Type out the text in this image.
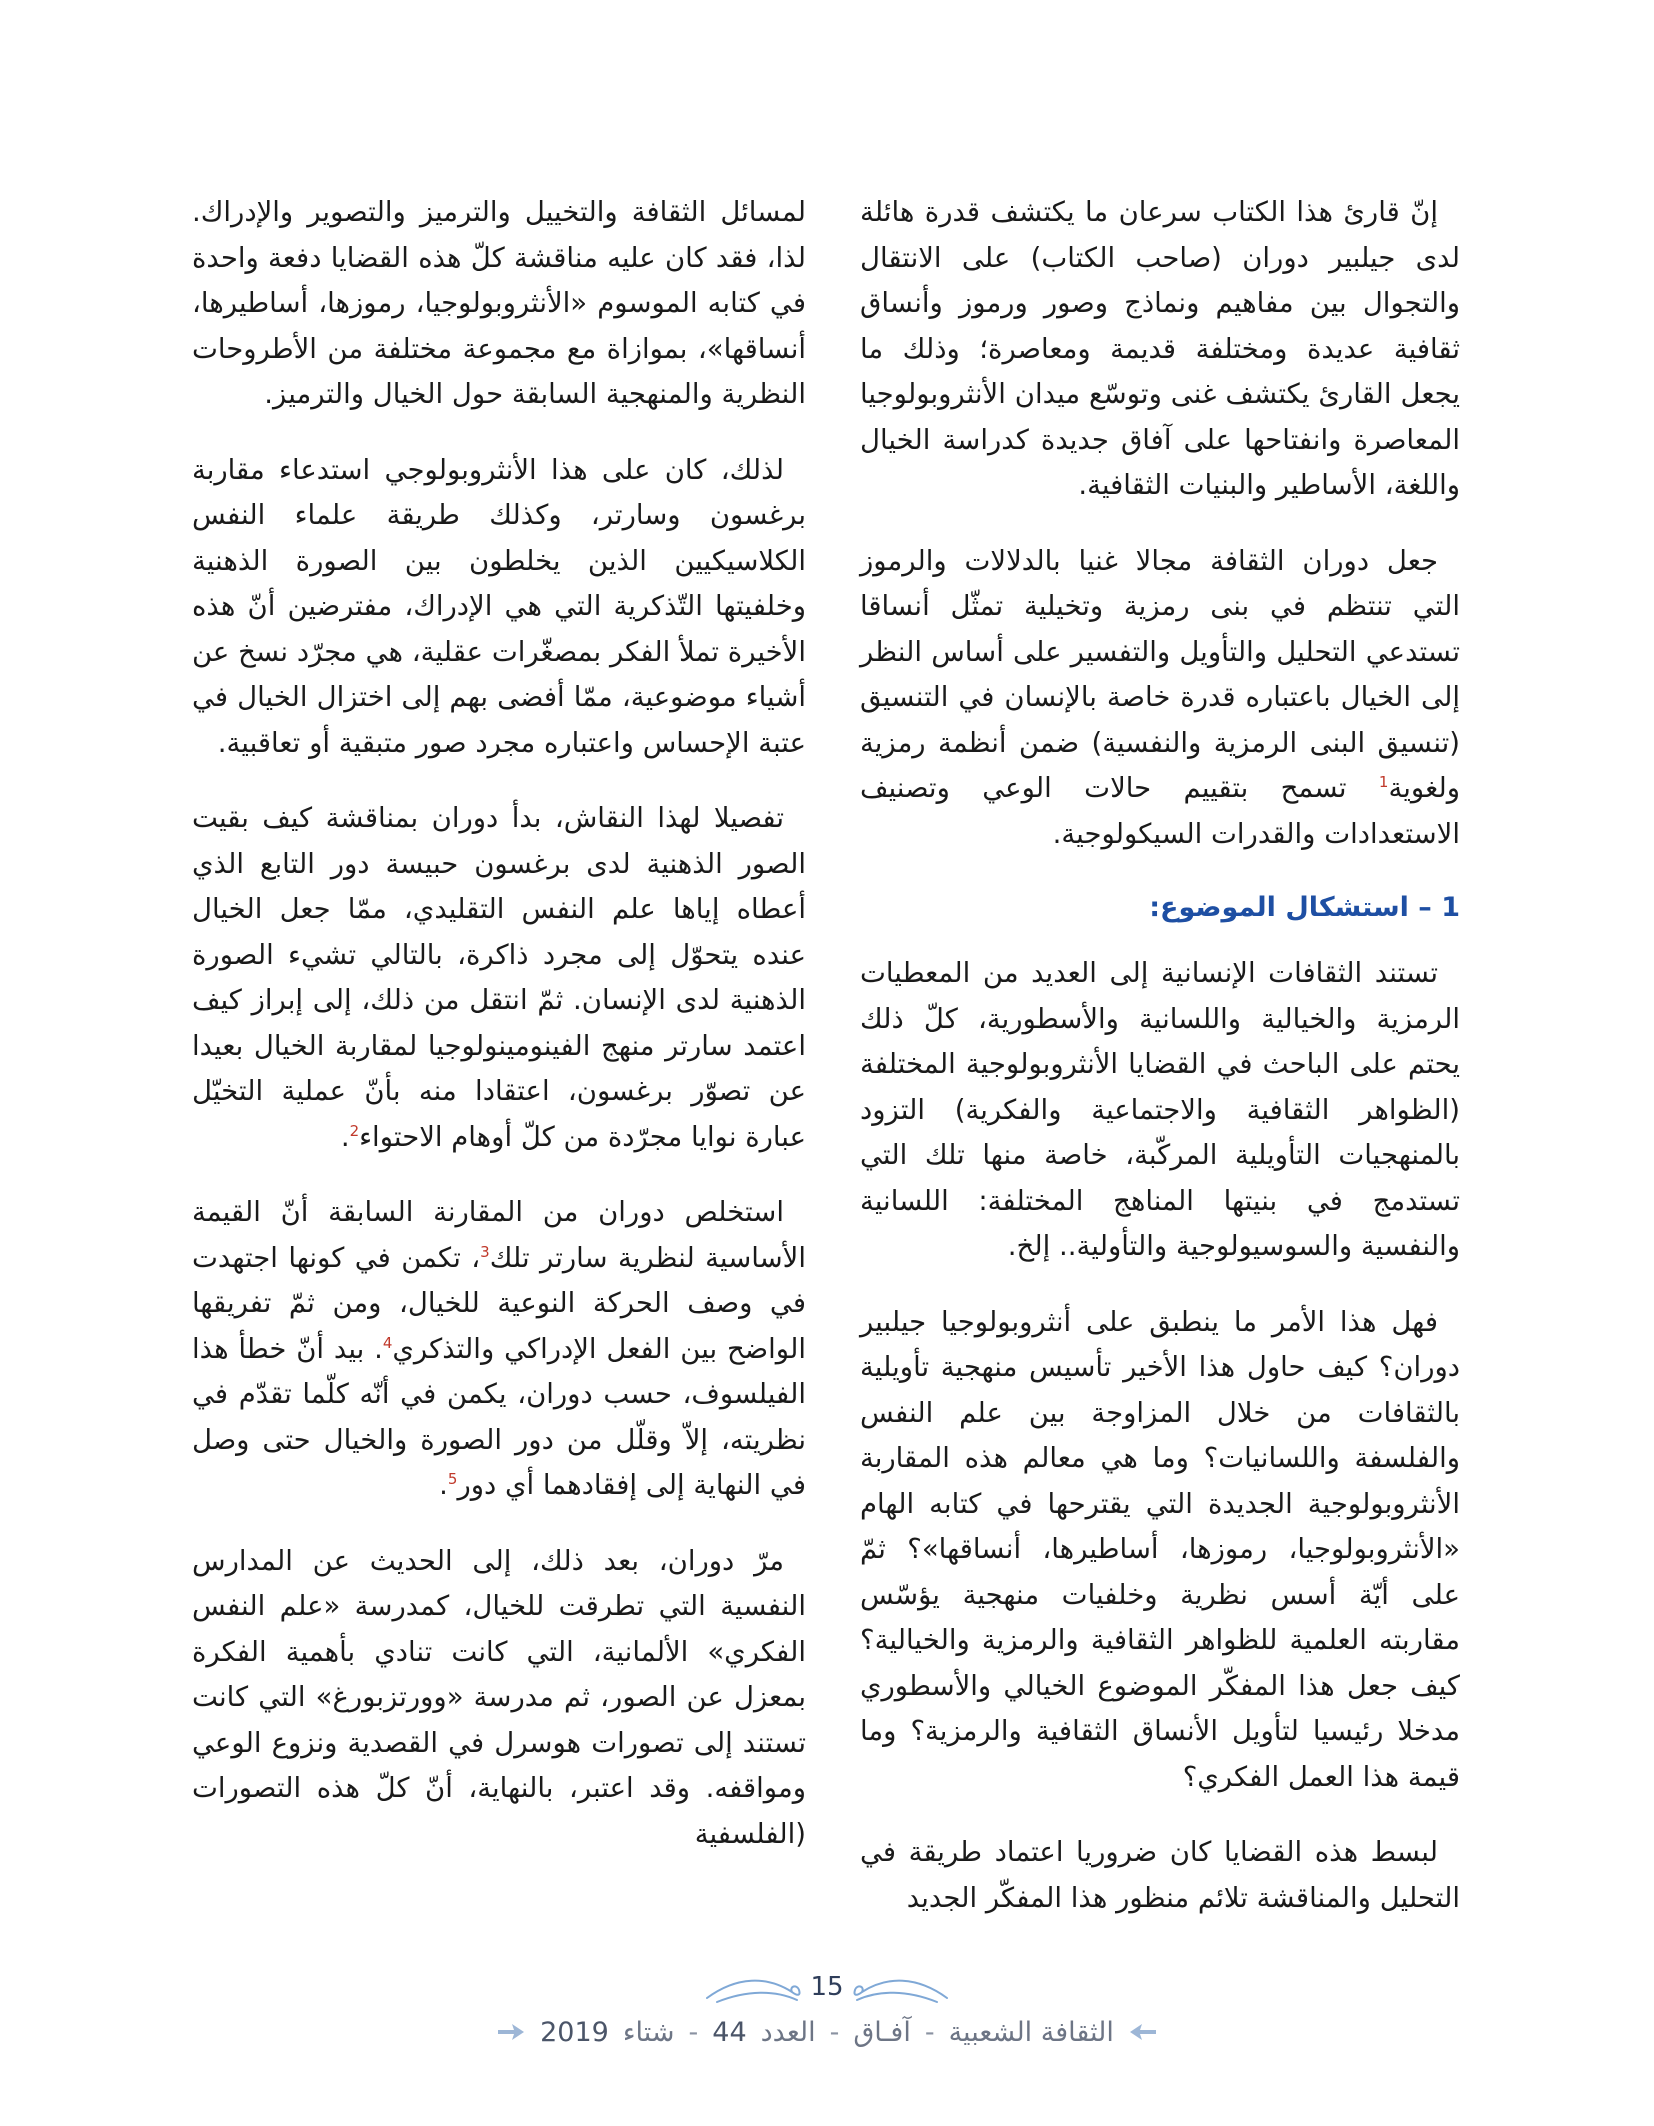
إنّ قارئ هذا الكتاب سرعان ما يكتشف قدرة هائلة لدى جيلبير دوران (صاحب الكتاب) على الانتقال والتجوال بين مفاهيم ونماذج وصور ورموز وأنساق ثقافية عديدة ومختلفة قديمة ومعاصرة؛ وذلك ما يجعل القارئ يكتشف غنى وتوسّع ميدان الأنثروبولوجيا المعاصرة وانفتاحها على آفاق جديدة كدراسة الخيال واللغة، الأساطير والبنيات الثقافية.

جعل دوران الثقافة مجالا غنيا بالدلالات والرموز التي تنتظم في بنى رمزية وتخيلية تمثّل أنساقا تستدعي التحليل والتأويل والتفسير على أساس النظر إلى الخيال باعتباره قدرة خاصة بالإنسان في التنسيق (تنسيق البنى الرمزية والنفسية) ضمن أنظمة رمزية ولغوية$^1$ تسمح بتقييم حالات الوعي وتصنيف الاستعدادات والقدرات السيكولوجية.

1 – استشكال الموضوع:

تستند الثقافات الإنسانية إلى العديد من المعطيات الرمزية والخيالية واللسانية والأسطورية، كلّ ذلك يحتم على الباحث في القضايا الأنثروبولوجية المختلفة (الظواهر الثقافية والاجتماعية والفكرية) التزود بالمنهجيات التأويلية المركّبة، خاصة منها تلك التي تستدمج في بنيتها المناهج المختلفة: اللسانية والنفسية والسوسيولوجية والتأولية.. إلخ.

فهل هذا الأمر ما ينطبق على أنثروبولوجيا جيلبير دوران؟ كيف حاول هذا الأخير تأسيس منهجية تأويلية بالثقافات من خلال المزاوجة بين علم النفس والفلسفة واللسانيات؟ وما هي معالم هذه المقاربة الأنثروبولوجية الجديدة التي يقترحها في كتابه الهام «الأنثروبولوجيا، رموزها، أساطيرها، أنساقها»؟ ثمّ على أيّة أسس نظرية وخلفيات منهجية يؤسّس مقاربته العلمية للظواهر الثقافية والرمزية والخيالية؟ كيف جعل هذا المفكّر الموضوع الخيالي والأسطوري مدخلا رئيسيا لتأويل الأنساق الثقافية والرمزية؟ وما قيمة هذا العمل الفكري؟

لبسط هذه القضايا كان ضروريا اعتماد طريقة في التحليل والمناقشة تلائم منظور هذا المفكّر الجديد

لمسائل الثقافة والتخييل والترميز والتصوير والإدراك. لذا، فقد كان عليه مناقشة كلّ هذه القضايا دفعة واحدة في كتابه الموسوم «الأنثروبولوجيا، رموزها، أساطيرها، أنساقها»، بموازاة مع مجموعة مختلفة من الأطروحات النظرية والمنهجية السابقة حول الخيال والترميز.

لذلك، كان على هذا الأنثروبولوجي استدعاء مقاربة برغسون وسارتر، وكذلك طريقة علماء النفس الكلاسيكيين الذين يخلطون بين الصورة الذهنية وخلفيتها التّذكرية التي هي الإدراك، مفترضين أنّ هذه الأخيرة تملأ الفكر بمصغّرات عقلية، هي مجرّد نسخ عن أشياء موضوعية، ممّا أفضى بهم إلى اختزال الخيال في عتبة الإحساس واعتباره مجرد صور متبقية أو تعاقبية.

تفصيلا لهذا النقاش، بدأ دوران بمناقشة كيف بقيت الصور الذهنية لدى برغسون حبيسة دور التابع الذي أعطاه إياها علم النفس التقليدي، ممّا جعل الخيال عنده يتحوّل إلى مجرد ذاكرة، بالتالي تشيء الصورة الذهنية لدى الإنسان. ثمّ انتقل من ذلك، إلى إبراز كيف اعتمد سارتر منهج الفينومينولوجيا لمقاربة الخيال بعيدا عن تصوّر برغسون، اعتقادا منه بأنّ عملية التخيّل عبارة نوايا مجرّدة من كلّ أوهام الاحتواء$^2$.

استخلص دوران من المقارنة السابقة أنّ القيمة الأساسية لنظرية سارتر تلك$^3$، تكمن في كونها اجتهدت في وصف الحركة النوعية للخيال، ومن ثمّ تفريقها الواضح بين الفعل الإدراكي والتذكري$^4$. بيد أنّ خطأ هذا الفيلسوف، حسب دوران، يكمن في أنّه كلّما تقدّم في نظريته، إلاّ وقلّل من دور الصورة والخيال حتى وصل في النهاية إلى إفقادهما أي دور$^5$.

مرّ دوران، بعد ذلك، إلى الحديث عن المدارس النفسية التي تطرقت للخيال، كمدرسة «علم النفس الفكري» الألمانية، التي كانت تنادي بأهمية الفكرة بمعزل عن الصور، ثم مدرسة «وورتزبورغ» التي كانت تستند إلى تصورات هوسرل في القصدية ونزوع الوعي ومواقفه. وقد اعتبر، بالنهاية، أنّ كلّ هذه التصورات (الفلسفية

15
الثقافة الشعبية
-
آفـاق
-
العدد
44
-
شتاء
2019
